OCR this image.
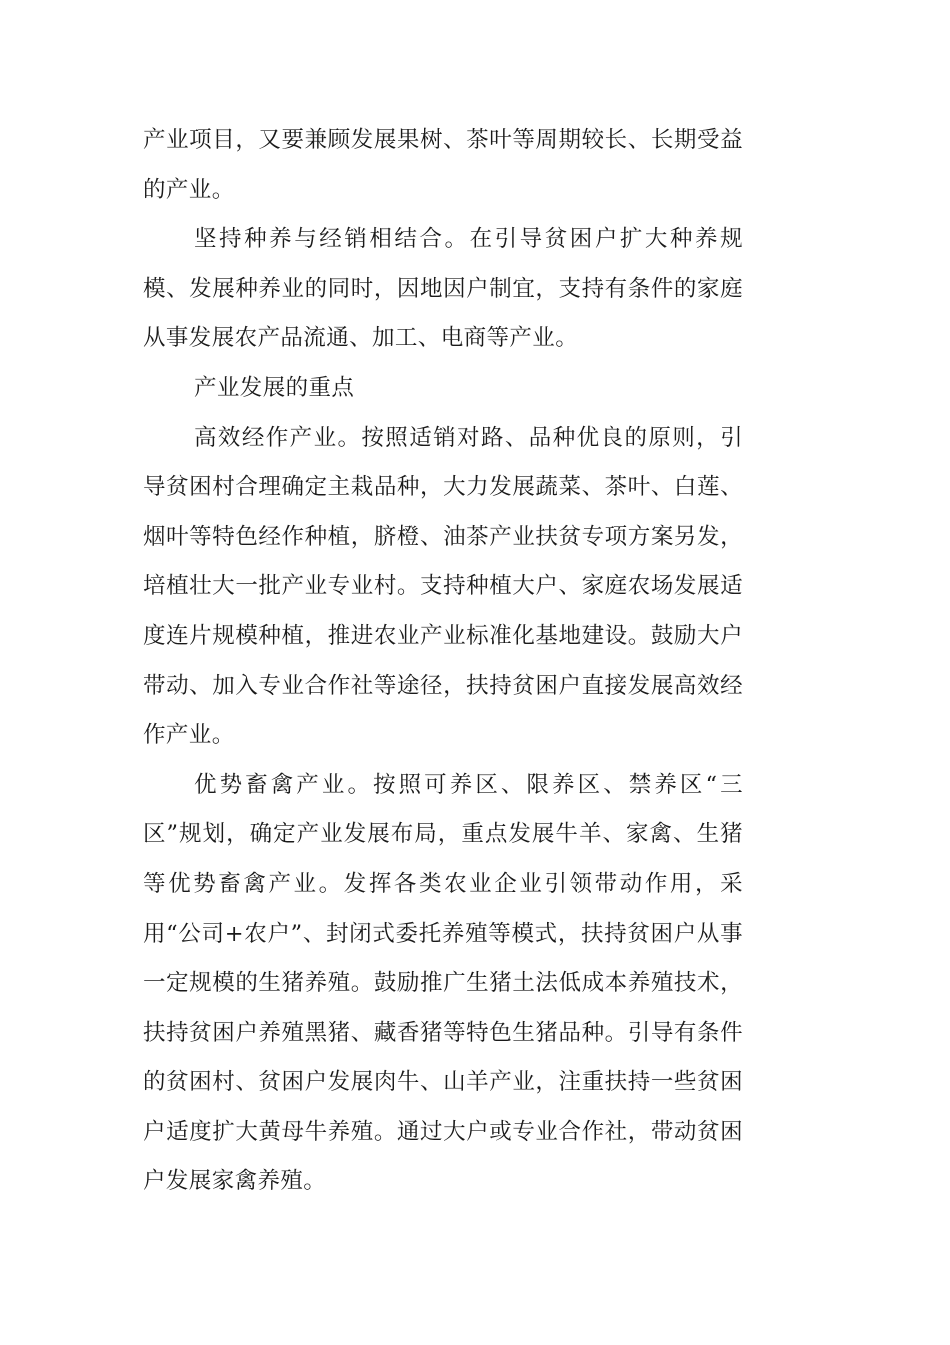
产业项目，又要兼顾发展果树、茶叶等周期较长、长期受益的产业。

坚持种养与经销相结合。在引导贫困户扩大种养规模、发展种养业的同时，因地因户制宜，支持有条件的家庭从事发展农产品流通、加工、电商等产业。

产业发展的重点

高效经作产业。按照适销对路、品种优良的原则，引导贫困村合理确定主栽品种，大力发展蔬菜、茶叶、白莲、烟叶等特色经作种植，脐橙、油茶产业扶贫专项方案另发，培植壮大一批产业专业村。支持种植大户、家庭农场发展适度连片规模种植，推进农业产业标准化基地建设。鼓励大户带动、加入专业合作社等途径，扶持贫困户直接发展高效经作产业。

优势畜禽产业。按照可养区、限养区、禁养区“三区”规划，确定产业发展布局，重点发展牛羊、家禽、生猪等优势畜禽产业。发挥各类农业企业引领带动作用，采用“公司+农户”、封闭式委托养殖等模式，扶持贫困户从事一定规模的生猪养殖。鼓励推广生猪土法低成本养殖技术，扶持贫困户养殖黑猪、藏香猪等特色生猪品种。引导有条件的贫困村、贫困户发展肉牛、山羊产业，注重扶持一些贫困户适度扩大黄母牛养殖。通过大户或专业合作社，带动贫困户发展家禽养殖。
